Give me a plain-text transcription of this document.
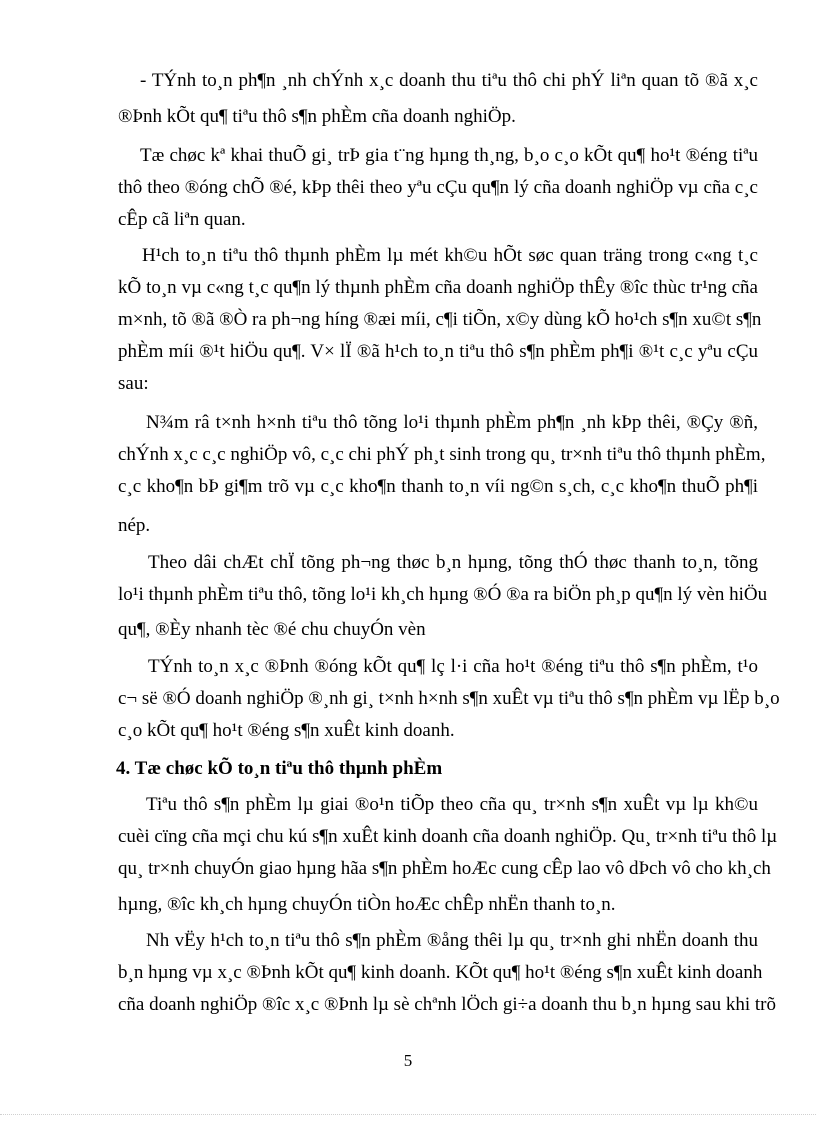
- TÝnh to¸n ph¶n ¸nh chÝnh x¸c doanh thu tiªu thô chi phÝ liªn quan tõ ®ã x¸c
®Þnh kÕt qu¶ tiªu thô s¶n phÈm cña doanh nghiÖp.
Tæ chøc kª khai thuÕ gi¸ trÞ gia t¨ng hµng th¸ng, b¸o c¸o kÕt qu¶ ho¹t ®éng tiªu
thô theo ®óng chÕ ®é, kÞp thêi theo yªu cÇu qu¶n lý cña doanh nghiÖp vµ cña c¸c
cÊp cã liªn quan.
H¹ch to¸n tiªu thô thµnh phÈm lµ mét kh©u hÕt søc quan träng trong c«ng t¸c
kÕ to¸n vµ c«ng t¸c qu¶n lý thµnh phÈm cña doanh nghiÖp thÊy ®îc thùc tr¹ng cña
m×nh, tõ ®ã ®Ò ra ph¬ng híng ®æi míi, c¶i tiÕn, x©y dùng kÕ ho¹ch s¶n xu©t s¶n
phÈm míi ®¹t hiÖu qu¶. V× lÏ ®ã h¹ch to¸n tiªu thô s¶n phÈm ph¶i ®¹t c¸c yªu cÇu
sau:
N¾m râ t×nh h×nh tiªu thô tõng lo¹i thµnh phÈm ph¶n ¸nh kÞp thêi, ®Çy ®ñ,
chÝnh x¸c c¸c nghiÖp vô, c¸c chi phÝ ph¸t sinh trong qu¸ tr×nh tiªu thô thµnh phÈm,
c¸c kho¶n bÞ gi¶m trõ vµ c¸c kho¶n thanh to¸n víi ng©n s¸ch, c¸c kho¶n thuÕ ph¶i
nép.
Theo dâi chÆt chÏ tõng ph¬ng thøc b¸n hµng, tõng thÓ thøc thanh to¸n, tõng
lo¹i thµnh phÈm tiªu thô, tõng lo¹i kh¸ch hµng ®Ó ®a ra biÖn ph¸p qu¶n lý vèn hiÖu
qu¶, ®Èy nhanh tèc ®é chu chuyÓn vèn
TÝnh to¸n x¸c ®Þnh ®óng kÕt qu¶ lç l·i cña ho¹t ®éng tiªu thô s¶n phÈm, t¹o
c¬ së ®Ó doanh nghiÖp ®¸nh gi¸ t×nh h×nh s¶n xuÊt vµ tiªu thô s¶n phÈm vµ lËp b¸o
c¸o kÕt qu¶ ho¹t ®éng s¶n xuÊt kinh doanh.
4. Tæ chøc kÕ to¸n tiªu thô thµnh phÈm
Tiªu thô s¶n phÈm lµ giai ®o¹n tiÕp theo cña qu¸ tr×nh s¶n xuÊt vµ lµ kh©u
cuèi cïng cña mçi chu kú s¶n xuÊt kinh doanh cña doanh nghiÖp. Qu¸ tr×nh tiªu thô lµ
qu¸ tr×nh chuyÓn giao hµng hãa s¶n phÈm hoÆc cung cÊp lao vô dÞch vô cho kh¸ch
hµng, ®îc kh¸ch hµng chuyÓn tiÒn hoÆc chÊp nhËn thanh to¸n.
Nh vËy h¹ch to¸n tiªu thô s¶n phÈm ®ång thêi lµ qu¸ tr×nh ghi nhËn doanh thu
b¸n hµng vµ x¸c ®Þnh kÕt qu¶ kinh doanh. KÕt qu¶ ho¹t ®éng s¶n xuÊt kinh doanh
cña doanh nghiÖp ®îc x¸c ®Þnh lµ sè chªnh lÖch gi÷a doanh thu b¸n hµng sau khi trõ
5
